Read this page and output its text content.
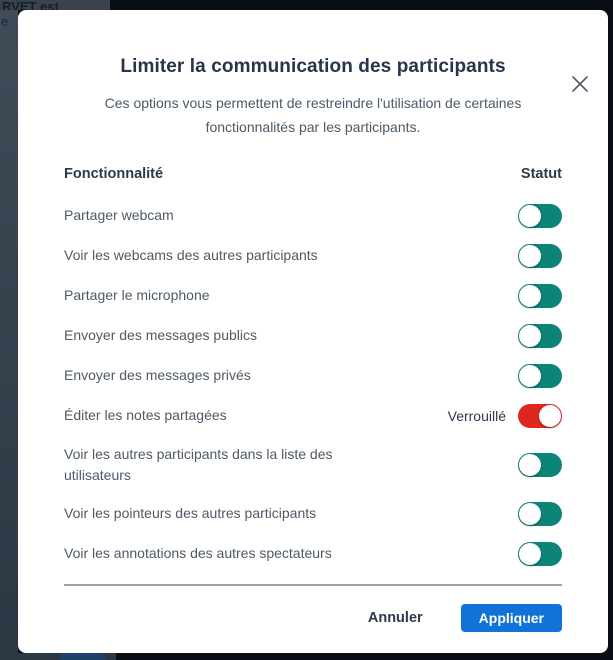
RVET est
e
Limiter la communication des participants

Ces options vous permettent de restreindre l'utilisation de certaines fonctionnalités par les participants.

Fonctionnalité	Statut
Partager webcam
Voir les webcams des autres participants
Partager le microphone
Envoyer des messages publics
Envoyer des messages privés
Éditer les notes partagées	Verrouillé
Voir les autres participants dans la liste des utilisateurs
Voir les pointeurs des autres participants
Voir les annotations des autres spectateurs
Annuler	Appliquer
